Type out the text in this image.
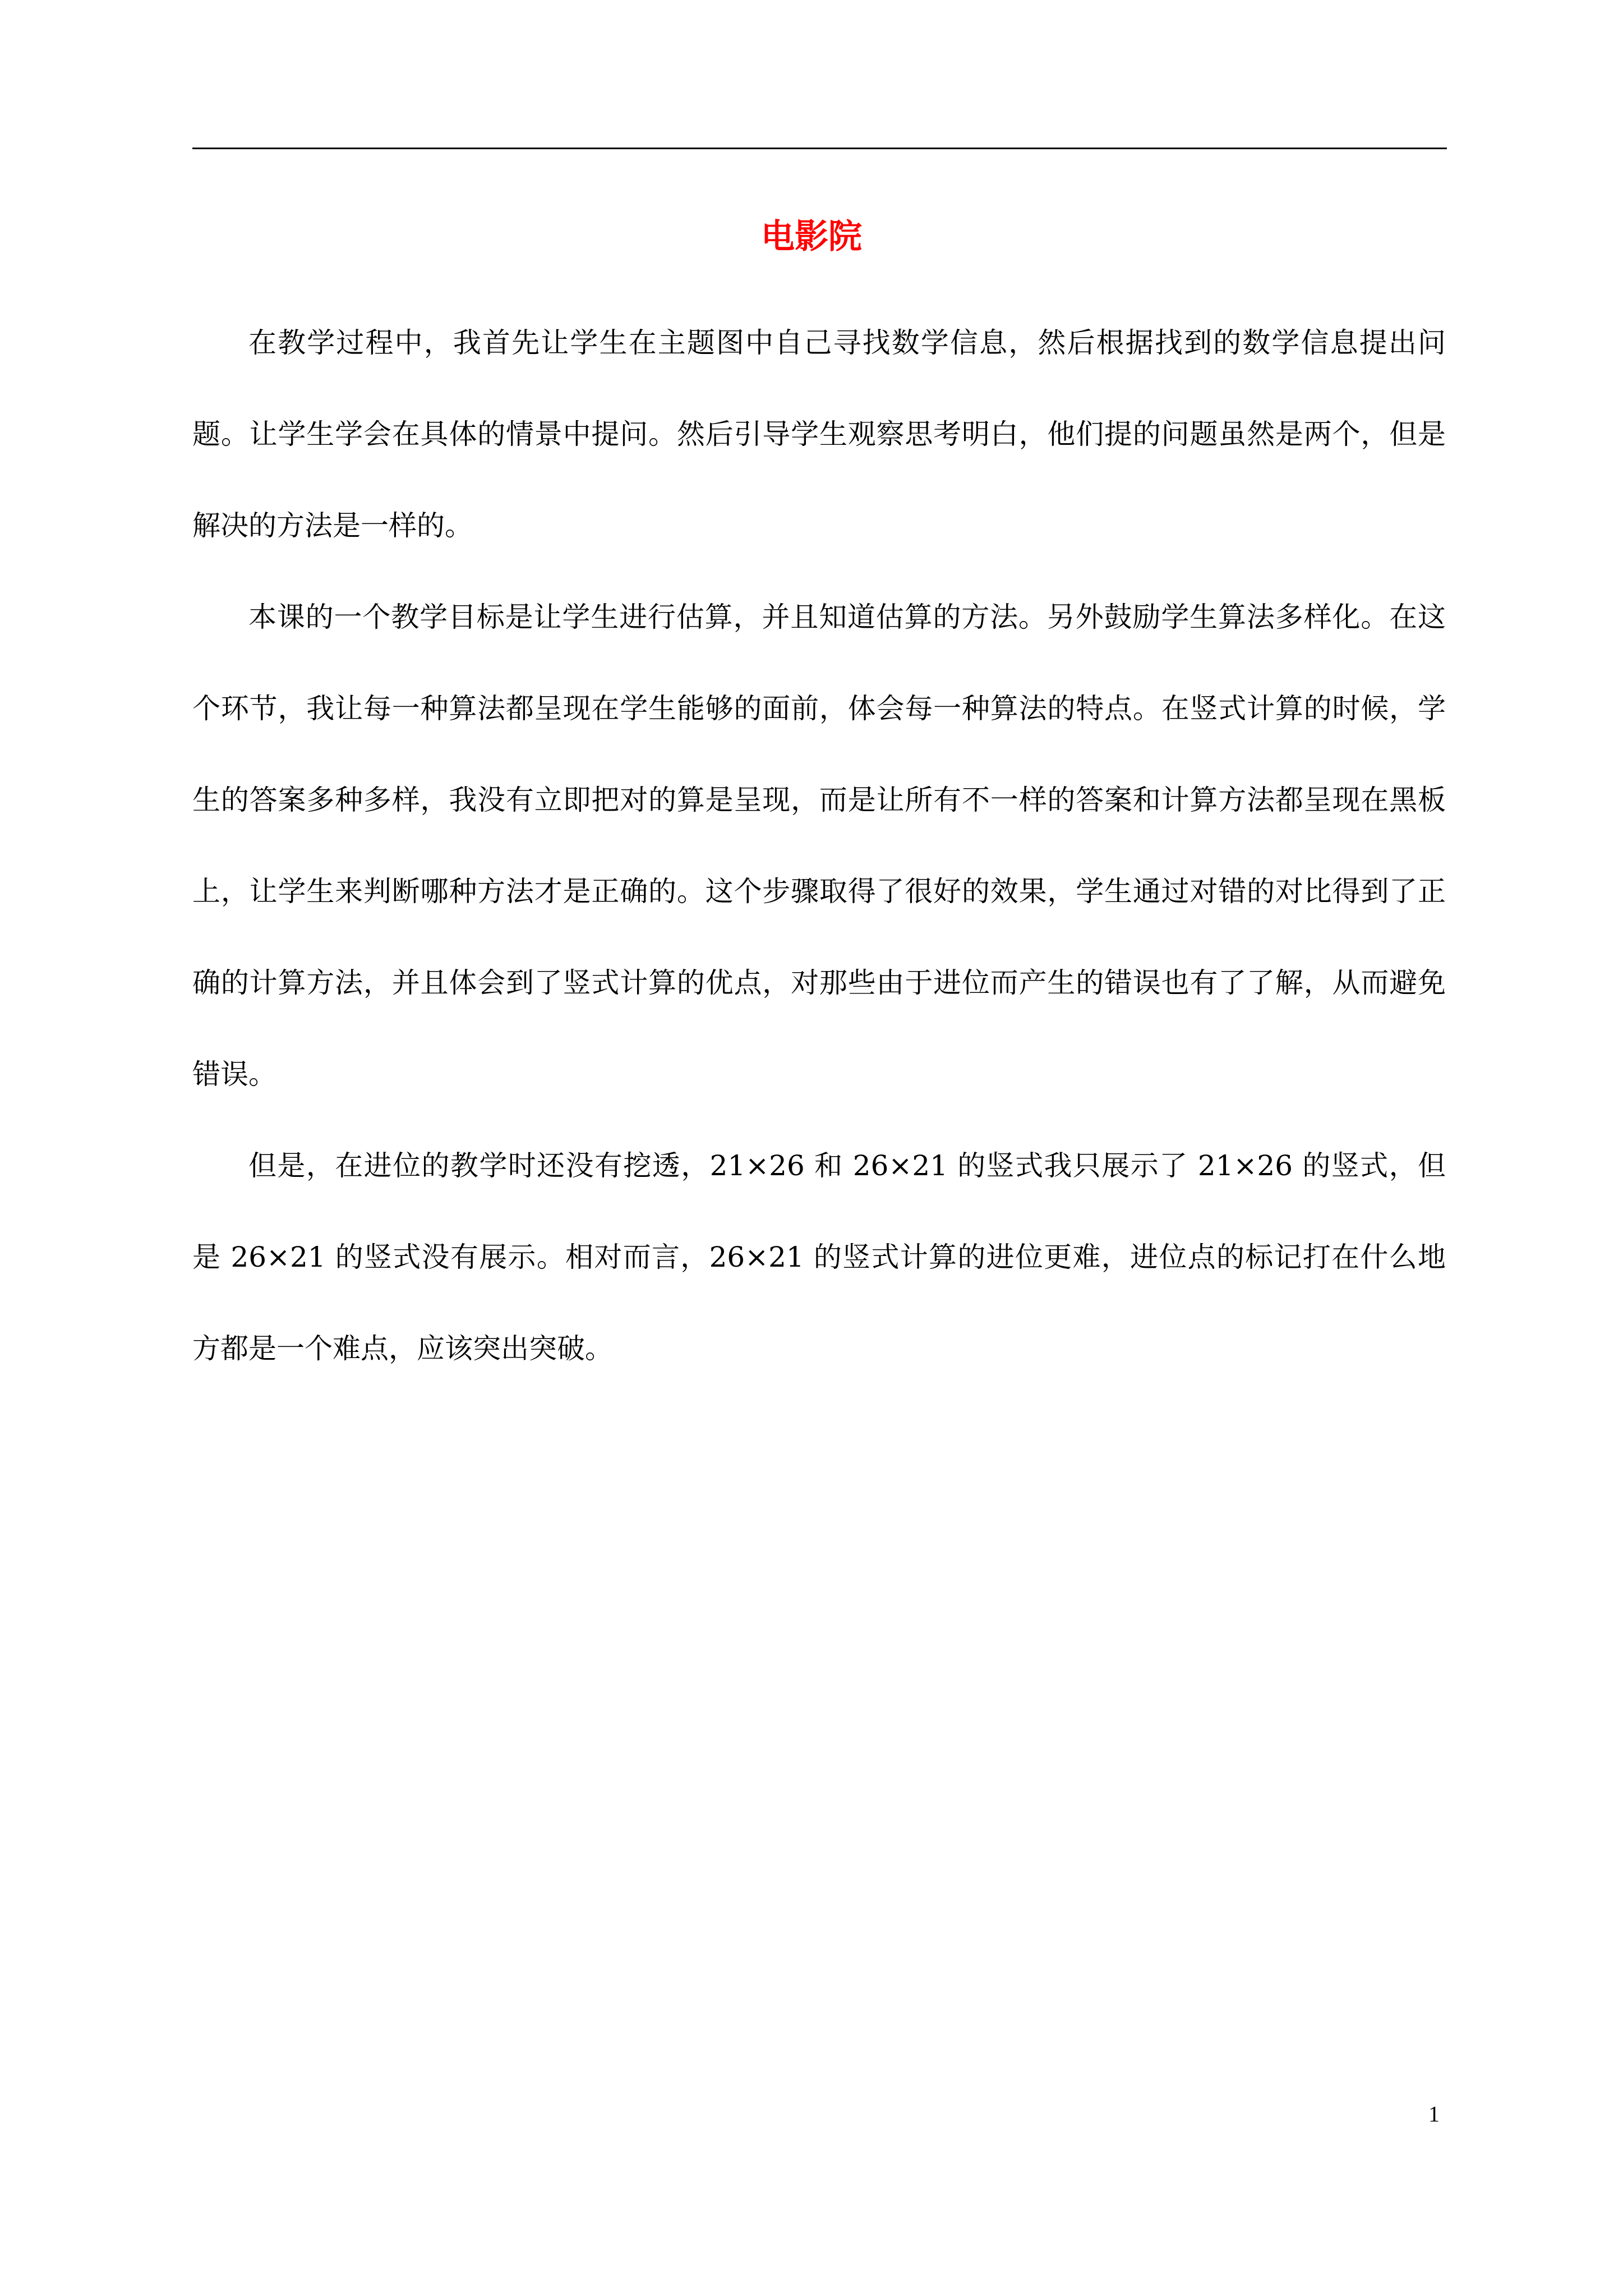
电影院

在教学过程中，我首先让学生在主题图中自己寻找数学信息，然后根据找到的数学信息提出问题。让学生学会在具体的情景中提问。然后引导学生观察思考明白，他们提的问题虽然是两个，但是解决的方法是一样的。

本课的一个教学目标是让学生进行估算，并且知道估算的方法。另外鼓励学生算法多样化。在这个环节，我让每一种算法都呈现在学生能够的面前，体会每一种算法的特点。在竖式计算的时候，学生的答案多种多样，我没有立即把对的算是呈现，而是让所有不一样的答案和计算方法都呈现在黑板上，让学生来判断哪种方法才是正确的。这个步骤取得了很好的效果，学生通过对错的对比得到了正确的计算方法，并且体会到了竖式计算的优点，对那些由于进位而产生的错误也有了了解，从而避免错误。

但是，在进位的教学时还没有挖透，21×26 和 26×21 的竖式我只展示了 21×26 的竖式，但是 26×21 的竖式没有展示。相对而言，26×21 的竖式计算的进位更难，进位点的标记打在什么地方都是一个难点，应该突出突破。

1
